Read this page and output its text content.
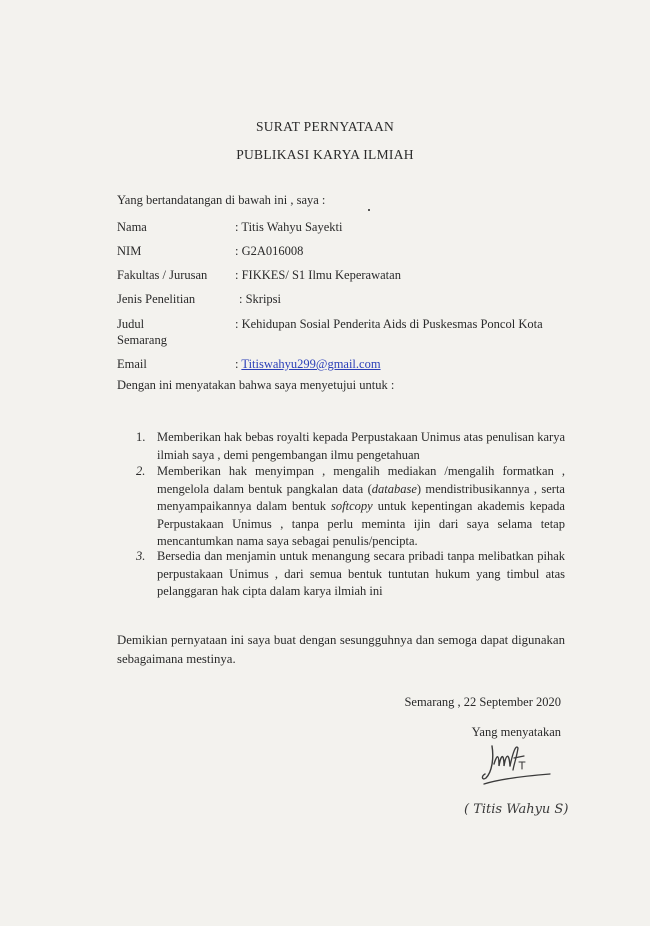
SURAT PERNYATAAN
PUBLIKASI KARYA ILMIAH
Yang bertandatangan di bawah ini , saya :
Nama	: Titis Wahyu Sayekti
NIM	: G2A016008
Fakultas / Jurusan : FIKKES/ S1 Ilmu Keperawatan
Jenis Penelitian	: Skripsi
Judul	: Kehidupan Sosial Penderita Aids di Puskesmas Poncol Kota
Semarang
Email	: Titiswahyu299@gmail.com
Dengan ini menyatakan bahwa saya menyetujui untuk :
1. Memberikan hak bebas royalti kepada Perpustakaan Unimus atas penulisan karya ilmiah saya , demi pengembangan ilmu pengetahuan
2. Memberikan hak menyimpan , mengalih mediakan /mengalih formatkan , mengelola dalam bentuk pangkalan data (database) mendistribusikannya , serta menyampaikannya dalam bentuk softcopy untuk kepentingan akademis kepada Perpustakaan Unimus , tanpa perlu meminta ijin dari saya selama tetap mencantumkan nama saya sebagai penulis/pencipta.
3. Bersedia dan menjamin untuk menangung secara pribadi tanpa melibatkan pihak perpustakaan Unimus , dari semua bentuk tuntutan hukum yang timbul atas pelanggaran hak cipta dalam karya ilmiah ini
Demikian pernyataan ini saya buat dengan sesungguhnya dan semoga dapat digunakan sebagaimana mestinya.
Semarang , 22 September 2020
Yang menyatakan
( Titis Wahyu S)
